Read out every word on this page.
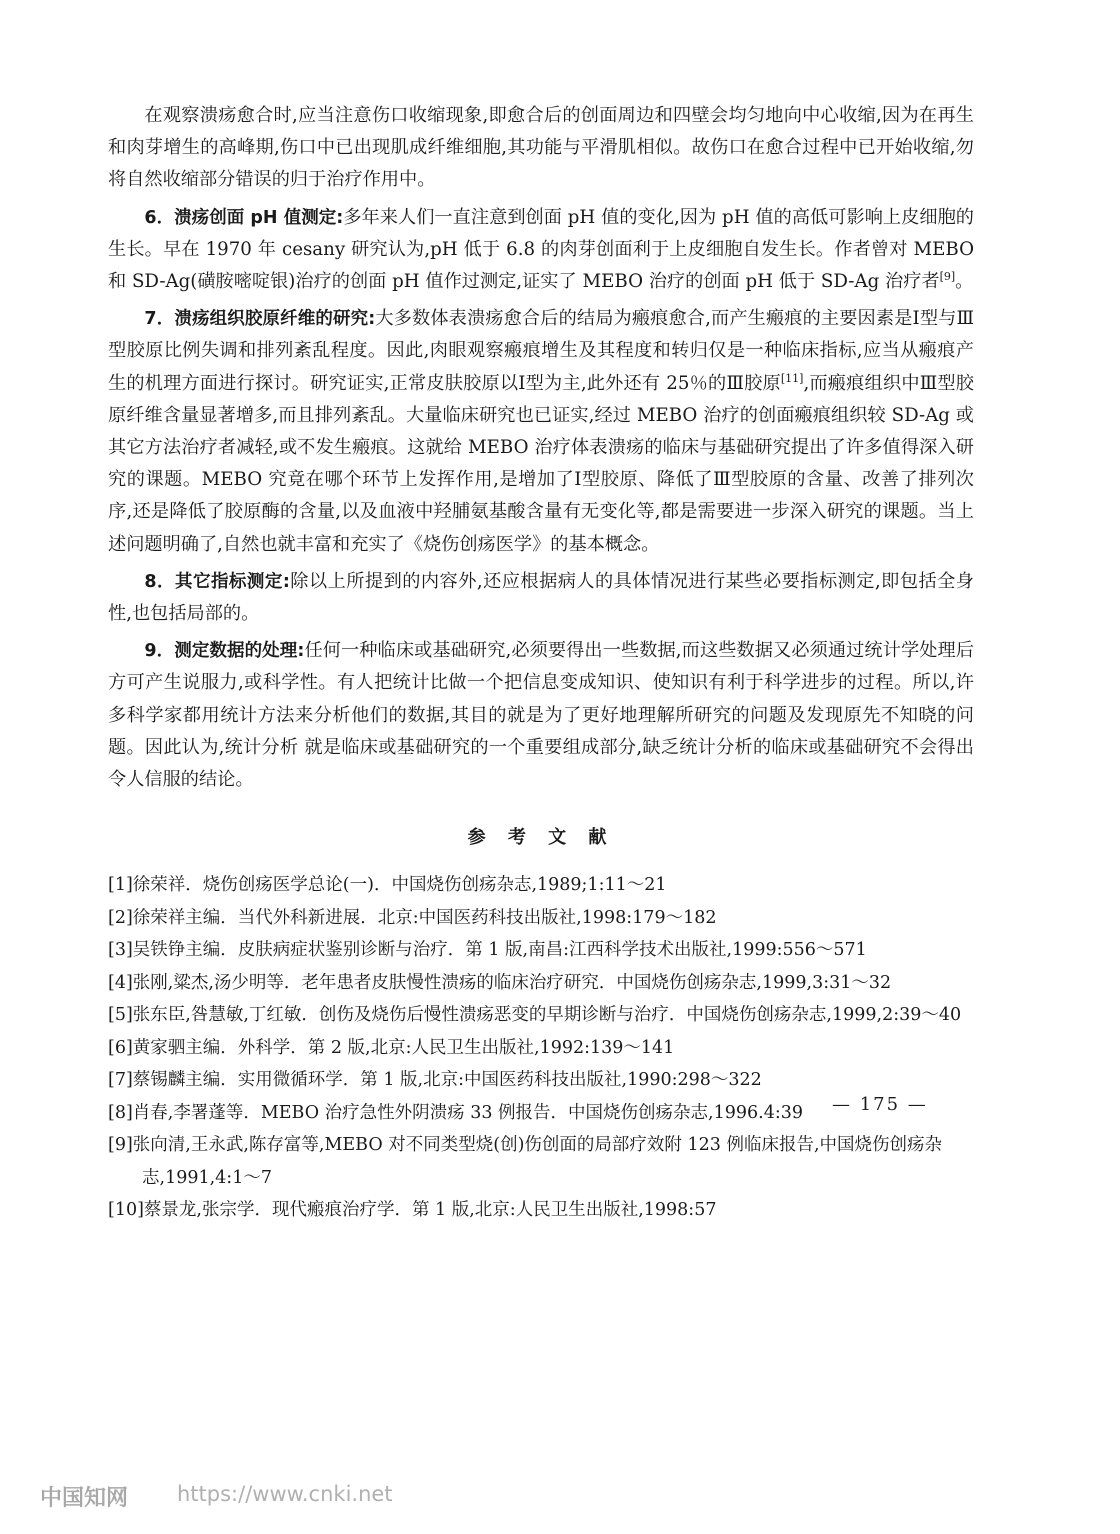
在观察溃疡愈合时,应当注意伤口收缩现象,即愈合后的创面周边和四壁会均匀地向中心收缩,因为在再生和肉芽增生的高峰期,伤口中已出现肌成纤维细胞,其功能与平滑肌相似。故伤口在愈合过程中已开始收缩,勿将自然收缩部分错误的归于治疗作用中。

6．溃疡创面 pH 值测定:多年来人们一直注意到创面 pH 值的变化,因为 pH 值的高低可影响上皮细胞的生长。早在 1970 年 cesany 研究认为,pH 低于 6.8 的肉芽创面利于上皮细胞自发生长。作者曾对 MEBO 和 SD-Ag(磺胺嘧啶银)治疗的创面 pH 值作过测定,证实了 MEBO 治疗的创面 pH 低于 SD-Ag 治疗者[9]。

7．溃疡组织胶原纤维的研究:大多数体表溃疡愈合后的结局为瘢痕愈合,而产生瘢痕的主要因素是Ⅰ型与Ⅲ型胶原比例失调和排列紊乱程度。因此,肉眼观察瘢痕增生及其程度和转归仅是一种临床指标,应当从瘢痕产生的机理方面进行探讨。研究证实,正常皮肤胶原以Ⅰ型为主,此外还有 25％的Ⅲ胶原[11],而瘢痕组织中Ⅲ型胶原纤维含量显著增多,而且排列紊乱。大量临床研究也已证实,经过 MEBO 治疗的创面瘢痕组织较 SD-Ag 或其它方法治疗者减轻,或不发生瘢痕。这就给 MEBO 治疗体表溃疡的临床与基础研究提出了许多值得深入研究的课题。MEBO 究竟在哪个环节上发挥作用,是增加了Ⅰ型胶原、降低了Ⅲ型胶原的含量、改善了排列次序,还是降低了胶原酶的含量,以及血液中羟脯氨基酸含量有无变化等,都是需要进一步深入研究的课题。当上述问题明确了,自然也就丰富和充实了《烧伤创疡医学》的基本概念。

8．其它指标测定:除以上所提到的内容外,还应根据病人的具体情况进行某些必要指标测定,即包括全身性,也包括局部的。

9．测定数据的处理:任何一种临床或基础研究,必须要得出一些数据,而这些数据又必须通过统计学处理后方可产生说服力,或科学性。有人把统计比做一个把信息变成知识、使知识有利于科学进步的过程。所以,许多科学家都用统计方法来分析他们的数据,其目的就是为了更好地理解所研究的问题及发现原先不知晓的问题。因此认为,统计分析 就是临床或基础研究的一个重要组成部分,缺乏统计分析的临床或基础研究不会得出令人信服的结论。

参 考 文 献

[1]徐荣祥．烧伤创疡医学总论(一)．中国烧伤创疡杂志,1989;1:11～21

[2]徐荣祥主编．当代外科新进展．北京:中国医药科技出版社,1998:179～182

[3]吴铁铮主编．皮肤病症状鉴别诊断与治疗．第 1 版,南昌:江西科学技术出版社,1999:556～571

[4]张刚,粱杰,汤少明等．老年患者皮肤慢性溃疡的临床治疗研究．中国烧伤创疡杂志,1999,3:31～32

[5]张东臣,咎慧敏,丁红敏．创伤及烧伤后慢性溃疡恶变的早期诊断与治疗．中国烧伤创疡杂志,1999,2:39～40

[6]黄家驷主编．外科学．第 2 版,北京:人民卫生出版社,1992:139～141

[7]蔡锡麟主编．实用微循环学．第 1 版,北京:中国医药科技出版社,1990:298～322

[8]肖春,李署蓬等．MEBO 治疗急性外阴溃疡 33 例报告．中国烧伤创疡杂志,1996.4:39

[9]张向清,王永武,陈存富等,MEBO 对不同类型烧(创)伤创面的局部疗效附 123 例临床报告,中国烧伤创疡杂志,1991,4:1～7

[10]蔡景龙,张宗学．现代瘢痕治疗学．第 1 版,北京:人民卫生出版社,1998:57

— 175 —
中国知网 https://www.cnki.net
